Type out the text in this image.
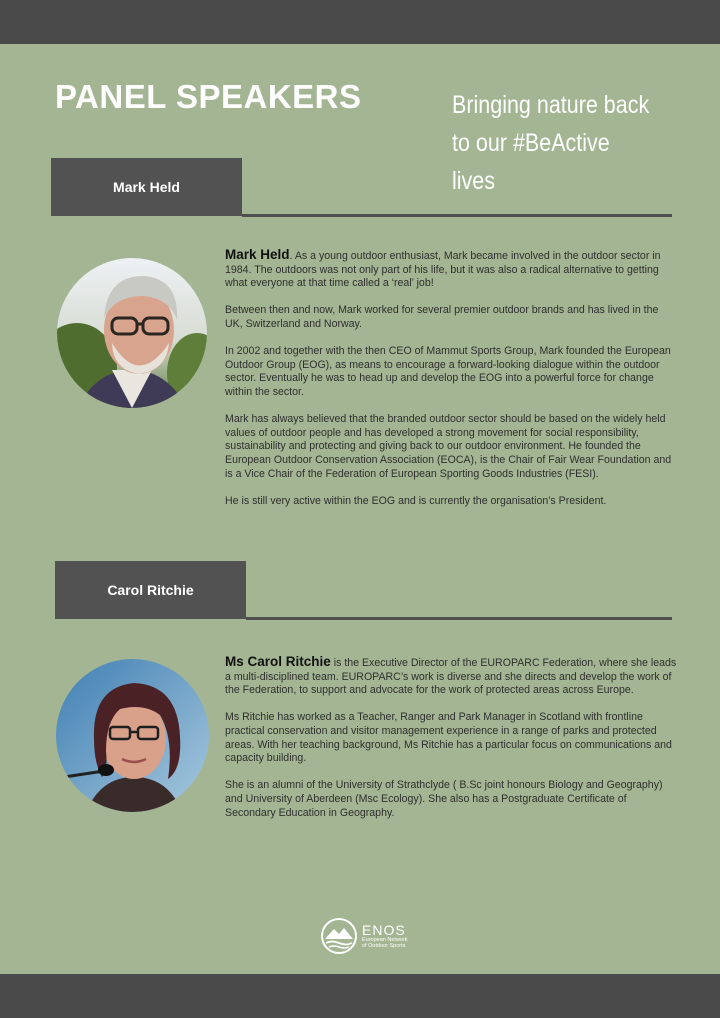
PANEL SPEAKERS	Bringing nature back
to our #BeActive lives
Mark Held

Mark Held. As a young outdoor enthusiast, Mark became involved in the outdoor sector in 1984. The outdoors was not only part of his life, but it was also a radical alternative to getting what everyone at that time called a ‘real’ job!

Between then and now, Mark worked for several premier outdoor brands and has lived in the UK, Switzerland and Norway.

In 2002 and together with the then CEO of Mammut Sports Group, Mark founded the European Outdoor Group (EOG), as means to encourage a forward-looking dialogue within the outdoor sector. Eventually he was to head up and develop the EOG into a powerful force for change within the sector.

Mark has always believed that the branded outdoor sector should be based on the widely held values of outdoor people and has developed a strong movement for social responsibility, sustainability and protecting and giving back to our outdoor environment. He founded the European Outdoor Conservation Association (EOCA), is the Chair of Fair Wear Foundation and is a Vice Chair of the Federation of European Sporting Goods Industries (FESI).

He is still very active within the EOG and is currently the organisation’s President.

Carol Ritchie

Ms Carol Ritchie is the Executive Director of the EUROPARC Federation, where she leads a multi-disciplined team. EUROPARC’s work is diverse and she directs and develop the work of the Federation, to support and advocate for the work of protected areas across Europe.

Ms Ritchie has worked as a Teacher, Ranger and Park Manager in Scotland with frontline practical conservation and visitor management experience in a range of parks and protected areas. With her teaching background, Ms Ritchie has a particular focus on communications and capacity building.

She is an alumni of the University of Strathclyde ( B.Sc joint honours Biology and Geography) and University of Aberdeen (Msc Ecology). She also has a Postgraduate Certificate of Secondary Education in Geography.

ENOS
European Network
of Outdoor Sports
